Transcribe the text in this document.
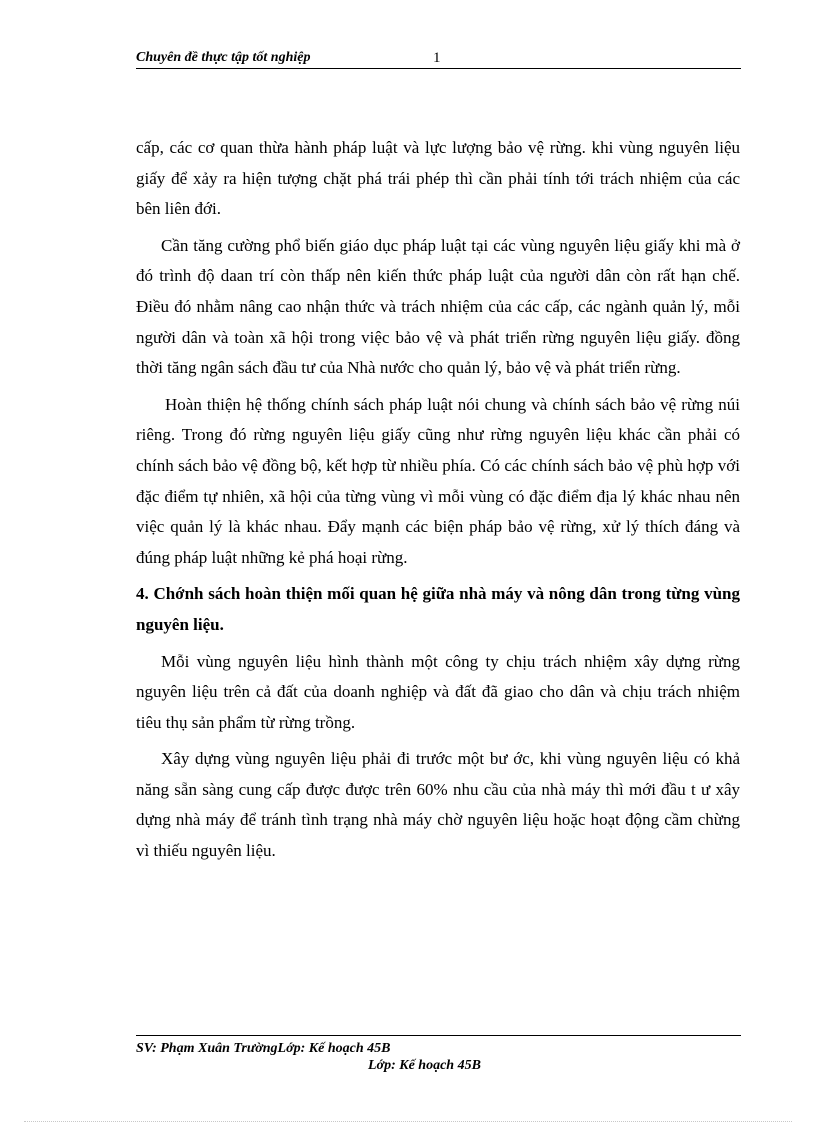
Chuyên đề thực tập tốt nghiệp	1

cấp, các cơ quan thừa hành pháp luật và lực lượng bảo vệ rừng. khi vùng nguyên liệu giấy để xảy ra hiện tượng chặt phá trái phép thì cần phải tính tới trách nhiệm của các bên liên đới.

Cần tăng cường phổ biến giáo dục pháp luật tại các vùng nguyên liệu giấy khi mà ở đó trình độ daan trí còn thấp nên kiến thức pháp luật của người dân còn rất hạn chế. Điều đó nhằm nâng cao nhận thức và trách nhiệm của các cấp, các ngành quản lý, mỗi người dân và toàn xã hội trong việc bảo vệ và phát triển rừng nguyên liệu giấy. đồng thời tăng ngân sách đầu tư của Nhà nước cho quản lý, bảo vệ và phát triển rừng.

Hoàn thiện hệ thống chính sách pháp luật nói chung và chính sách bảo vệ rừng núi riêng. Trong đó rừng nguyên liệu giấy cũng như rừng nguyên liệu khác cần phải có chính sách bảo vệ đồng bộ, kết hợp từ nhiều phía. Có các chính sách bảo vệ phù hợp với đặc điểm tự nhiên, xã hội của từng vùng vì mỗi vùng có đặc điểm địa lý khác nhau nên việc quản lý là khác nhau. Đẩy mạnh các biện pháp bảo vệ rừng, xử lý thích đáng và đúng pháp luật những kẻ phá hoại rừng.

4. Chớnh sách hoàn thiện mối quan hệ giữa nhà máy và nông dân trong từng vùng nguyên liệu.

Mỗi vùng nguyên liệu hình thành một công ty chịu trách nhiệm xây dựng rừng nguyên liệu trên cả đất của doanh nghiệp và đất đã giao cho dân và chịu trách nhiệm tiêu thụ sản phẩm từ rừng trồng.

Xây dựng vùng nguyên liệu phải đi trước một bư ớc, khi vùng nguyên liệu có khả năng sẵn sàng cung cấp được được trên 60% nhu cầu của nhà máy thì mới đầu t ư xây dựng nhà máy để tránh tình trạng nhà máy chờ nguyên liệu hoặc hoạt động cầm chừng vì thiếu nguyên liệu.

SV: Phạm Xuân TrườngLớp: Kế hoạch 45B
Lớp: Kế hoạch 45B
